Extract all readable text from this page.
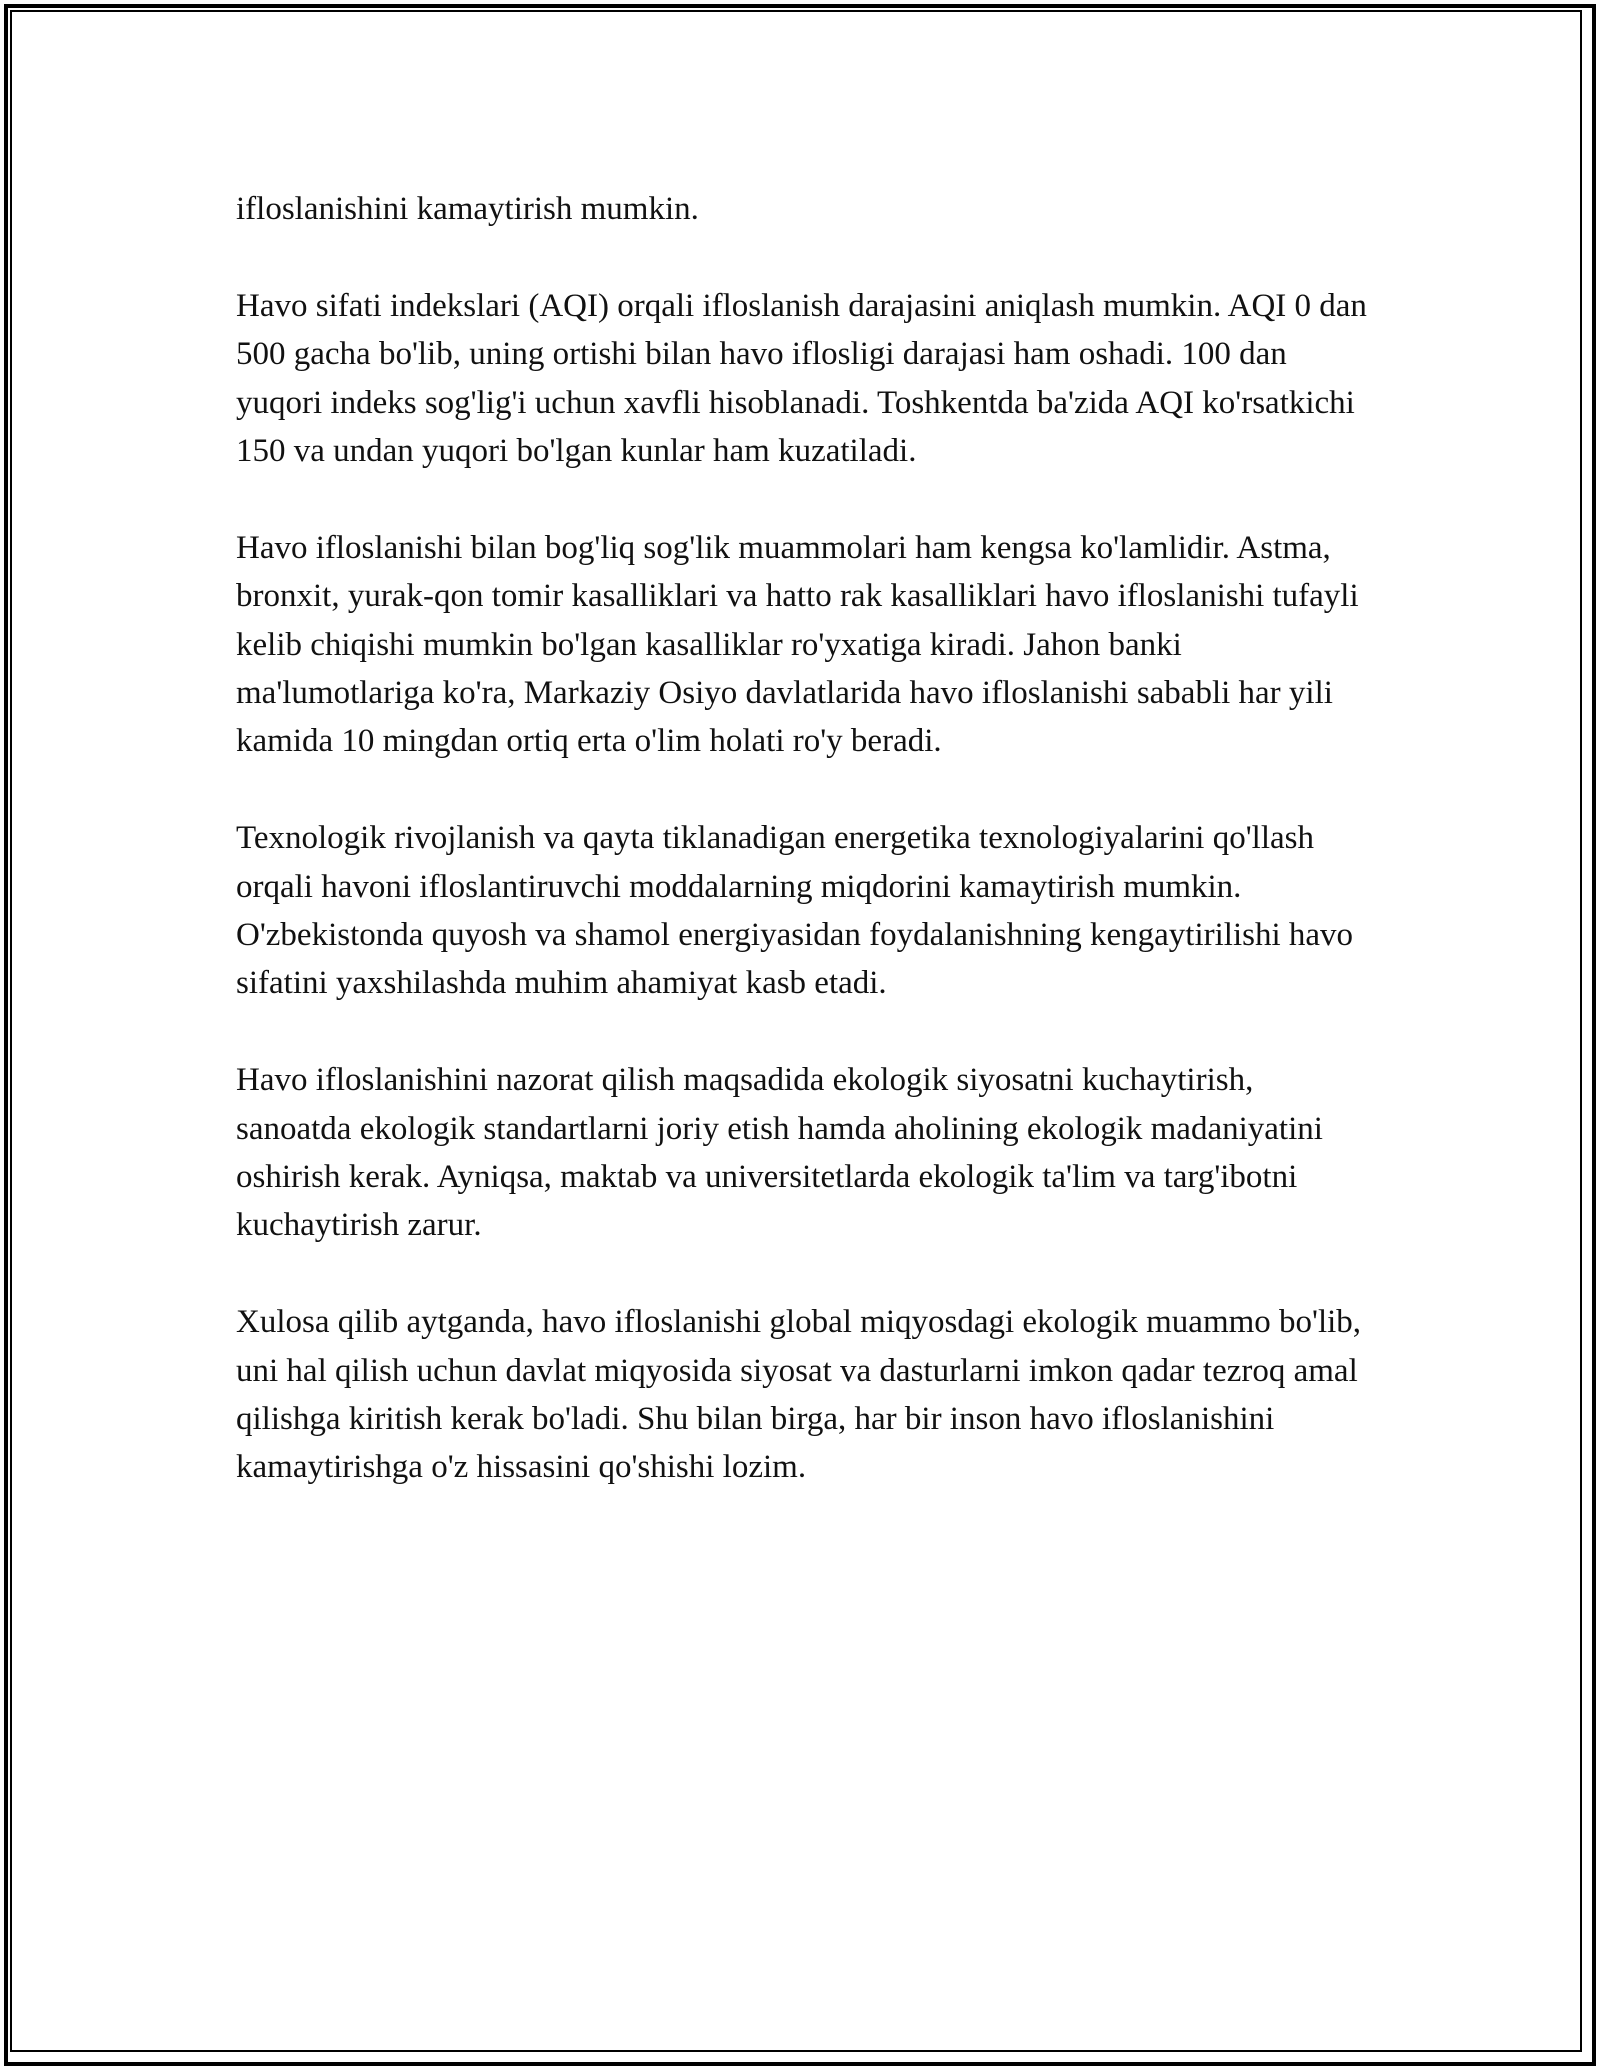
ifloslanishini kamaytirish mumkin.

Havo sifati indekslari (AQI) orqali ifloslanish darajasini aniqlash mumkin. AQI 0 dan 500 gacha bo'lib, uning ortishi bilan havo iflosligi darajasi ham oshadi. 100 dan yuqori indeks sog'lig'i uchun xavfli hisoblanadi. Toshkentda ba'zida AQI ko'rsatkichi 150 va undan yuqori bo'lgan kunlar ham kuzatiladi.

Havo ifloslanishi bilan bog'liq sog'lik muammolari ham kengsa ko'lamlidir. Astma, bronxit, yurak-qon tomir kasalliklari va hatto rak kasalliklari havo ifloslanishi tufayli kelib chiqishi mumkin bo'lgan kasalliklar ro'yxatiga kiradi. Jahon banki ma'lumotlariga ko'ra, Markaziy Osiyo davlatlarida havo ifloslanishi sababli har yili kamida 10 mingdan ortiq erta o'lim holati ro'y beradi.

Texnologik rivojlanish va qayta tiklanadigan energetika texnologiyalarini qo'llash orqali havoni ifloslantiruvchi moddalarning miqdorini kamaytirish mumkin. O'zbekistonda quyosh va shamol energiyasidan foydalanishning kengaytirilishi havo sifatini yaxshilashda muhim ahamiyat kasb etadi.

Havo ifloslanishini nazorat qilish maqsadida ekologik siyosatni kuchaytirish, sanoatda ekologik standartlarni joriy etish hamda aholining ekologik madaniyatini oshirish kerak. Ayniqsa, maktab va universitetlarda ekologik ta'lim va targ'ibotni kuchaytirish zarur.

Xulosa qilib aytganda, havo ifloslanishi global miqyosdagi ekologik muammo bo'lib, uni hal qilish uchun davlat miqyosida siyosat va dasturlarni imkon qadar tezroq amal qilishga kiritish kerak bo'ladi. Shu bilan birga, har bir inson havo ifloslanishini kamaytirishga o'z hissasini qo'shishi lozim.
